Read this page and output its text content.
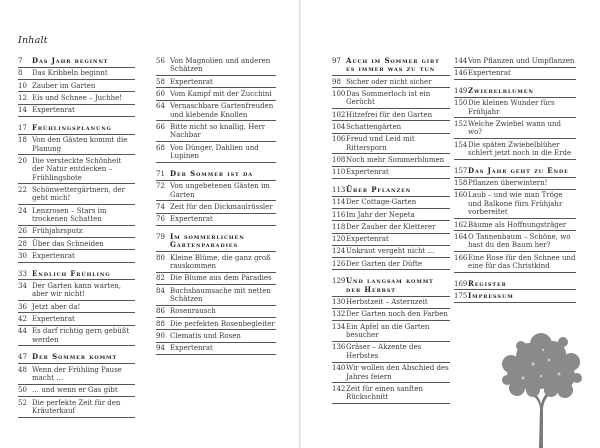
Inhalt
7	Das Jahr beginnt
8	Das Kribbeln beginnt
10 Zauber im Garten
12 Eis und Schnee – Juchhe!
14 Expertenrat
17 Frühlingsplanung
18 Von den Gästen kommt die Planung
20 Die versteckte Schönheit der Natur entdecken – Frühlingsbote
22 Schönwettergärtnern, der geht mich!
24 Lenzrosen – Stars im trockenen Schatten
26 Frühjahrsputz
28 Über das Schneiden
30 Expertenrat
33 Endlich Frühling
34 Der Garten kann warten, aber wir nicht!
36 Jetzt aber da!
42 Expertenrat
44 Es darf richtig gern gebüßt werden
47 Der Sommer kommt
48 Wenn der Frühling Pause macht …
50 … und wenn er Gas gibt
52 Die perfekte Zeit für den Kräuterkauf
56 Von Magnolien und anderen Schätzen
58 Expertenrat
60 Vom Kampf mit der Zucchini
64 Vernaschbare Gartenfreuden und klebende Knollen
66 Bitte nicht so knallig, Herr Nachbar
68 Von Dünger, Dahlien und Lupinen
71 Der Sommer ist da
72 Von ungebetenen Gästen im Garten
74 Zeit für den Dickmaulrüssler
76 Expertenrat
79 Im sommerlichen Gartenparadies
80 Kleine Blüme, die ganz groß rauskommen
82 Die Blume aus dem Paradies
84 Buchsbaumsache mit netten Schätzen
86 Rosenrausch
88 Die perfekten Rosenbegleiter
90 Clematis und Rosen
94 Expertenrat
97 Auch im Sommer gibt es immer was zu tun
98 Sicher oder nicht sicher
100 Das Sommerloch ist ein Gerücht
102 Hitzefrei für den Garten
104 Schattengärten
106 Freud und Leid mit Rittersporn
108 Noch mehr Sommerblumen
110 Expertenrat
113 Über Pflanzen
114 Der Cottage-Garten
116 Im Jahr der Nepeta
118 Der Zauber der Kletterer
120 Expertenrat
124 Unkraut vergeht nicht …
126 Der Garten der Düfte
129 Und langsam kommt der Herbst
130 Herbstzeit – Asternzeit
132 Der Garten noch den Farben
134 Ein Apfel an die Garten besucher
136 Gräser – Akzente des Herbstes
140 Wir wollen den Abschied des Jahres feiern
142 Zeit für einen sanften Rückschnitt
144 Von Pflanzen und Umpflanzen
146 Expertenrat
149 Zwiebelblumen
150 Die kleinen Wunder fürs Frühjahr
152 Welche Zwiebel wann und wo?
154 Die späten Zwiebelblüher schlert jetzt noch in die Erde
157 Das Jahr geht zu Ende
158 Pflanzen überwintern!
160 Laub – und wie man Tröge und Balkone fürs Frühjahr vorbereitet
162 Bäume als Hoffnungsträger
164 O Tannenbaum – Schöne, wo hast du den Baum her?
166 Eine Rose für den Schnee und eine für das Christkind
169 Register
175 Impressum
